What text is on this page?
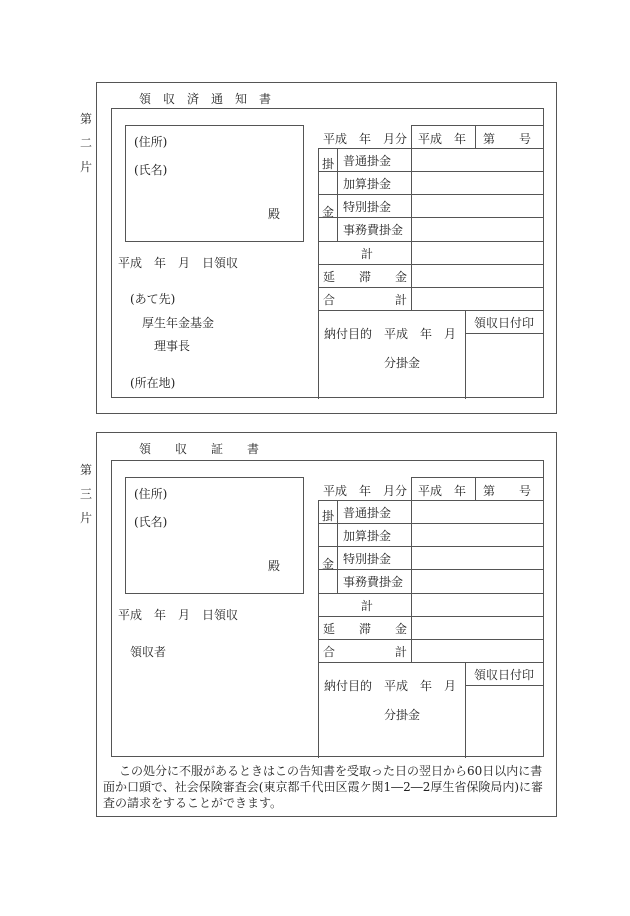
第
二
片
領　収　済　通　知　書
(住所)
(氏名)
殿
平成　年　月　日領収
(あて先)
厚生年金基金
理事長
(所在地)
平成　年　月分 平成　年 第　　号
掛
金
普通掛金
加算掛金
特別掛金
事務費掛金
計
延　　滞　　金
合　　　　　計
納付目的　平成　年　月
分掛金
領収日付印
第
三
片
領　　収　　証　　書
(住所)
(氏名)
殿
平成　年　月　日領収
領収者
平成　年　月分 平成　年 第　　号
掛
金
普通掛金
加算掛金
特別掛金
事務費掛金
計
延　　滞　　金
合　　　　　計
納付目的　平成　年　月
分掛金
領収日付印
この処分に不服があるときはこの告知書を受取った日の翌日から60日以内に書面か口頭で、社会保険審査会(東京都千代田区霞ケ関1―2―2厚生省保険局内)に審査の請求をすることができます。
